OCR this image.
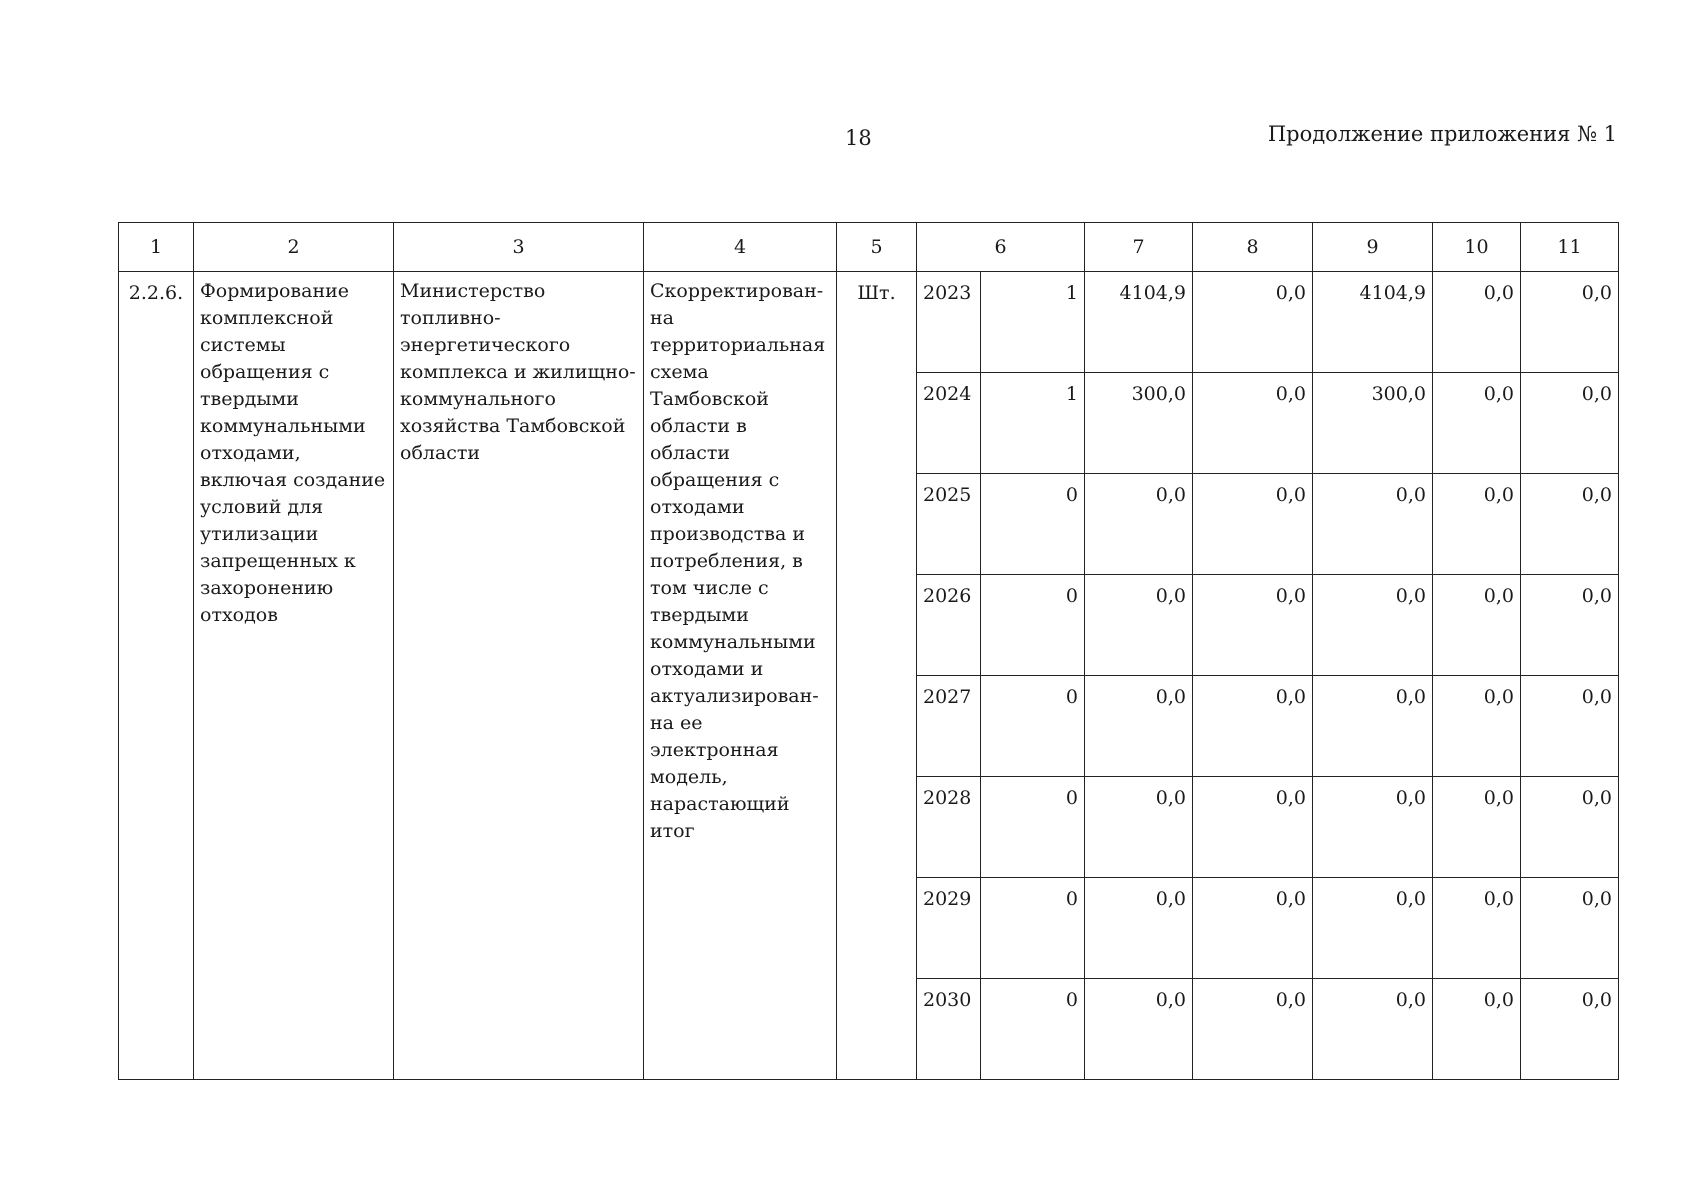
18	Продолжение приложения № 1
1	2	3	4	5	6		7	8	9	10	11
2.2.6.	Формирование комплексной системы обращения с твердыми коммунальными отходами, включая создание условий для утилизации запрещенных к захоронению отходов	Министерство топливно-энергетического комплекса и жилищно-коммунального хозяйства Тамбовской области	Скорректирован-на территориальная схема Тамбовской области в области обращения с отходами производства и потребления, в том числе с твердыми коммунальными отходами и актуализирован-на ее электронная модель, нарастающий итог	Шт.	2023	1	4104,9	0,0	4104,9	0,0	0,0
					2024	1	300,0	0,0	300,0	0,0	0,0
					2025	0	0,0	0,0	0,0	0,0	0,0
					2026	0	0,0	0,0	0,0	0,0	0,0
					2027	0	0,0	0,0	0,0	0,0	0,0
					2028	0	0,0	0,0	0,0	0,0	0,0
					2029	0	0,0	0,0	0,0	0,0	0,0
					2030	0	0,0	0,0	0,0	0,0	0,0
